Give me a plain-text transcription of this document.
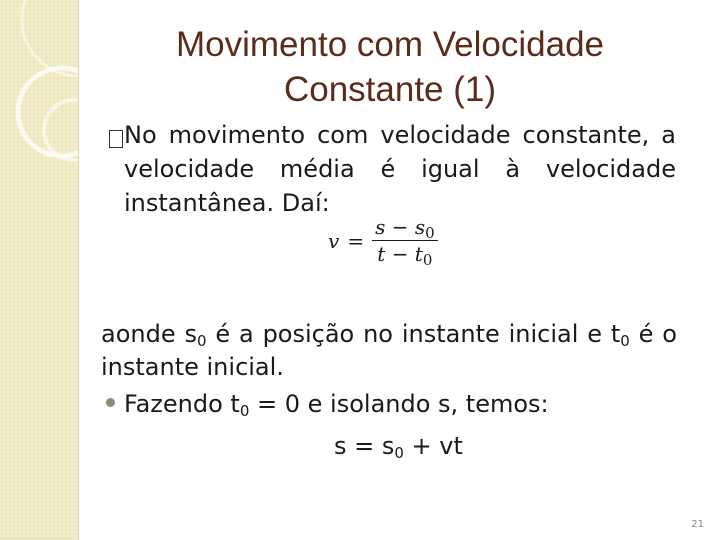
Movimento com Velocidade
Constante (1)
No movimento com velocidade constante, a velocidade média é igual à velocidade instantânea. Daí:
$v = \frac{s - s_0}{t - t_0}$
aonde $s_0$ é a posição no instante inicial e $t_0$ é o instante inicial.
Fazendo $t_0 = 0$ e isolando s, temos:
$s = s_0$ + vt
21
